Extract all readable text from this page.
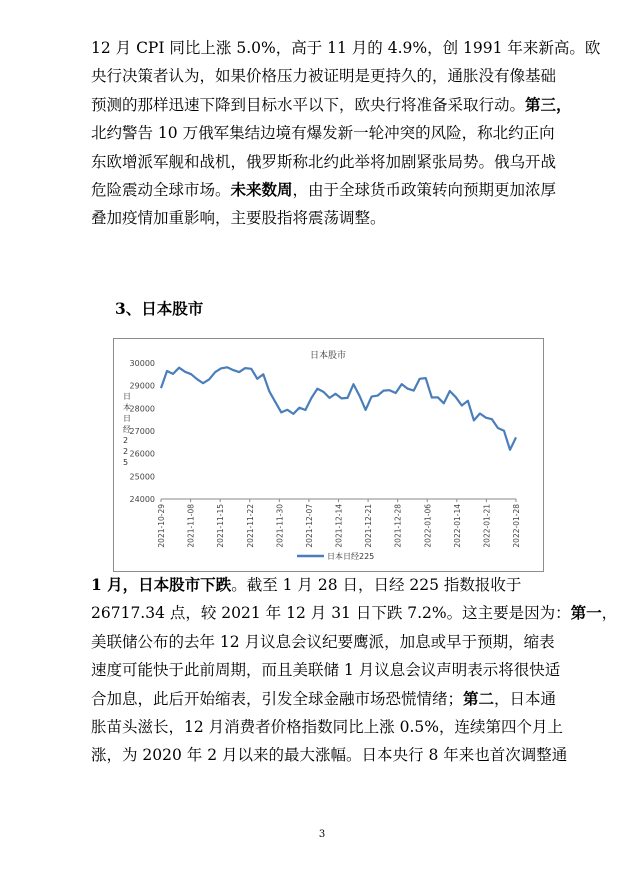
12 月 CPI 同比上涨 5.0%，高于 11 月的 4.9%，创 1991 年来新高。欧
央行决策者认为，如果价格压力被证明是更持久的，通胀没有像基础
预测的那样迅速下降到目标水平以下，欧央行将准备采取行动。第三，
北约警告 10 万俄军集结边境有爆发新一轮冲突的风险，称北约正向
东欧增派军舰和战机，俄罗斯称北约此举将加剧紧张局势。俄乌开战
危险震动全球市场。未来数周，由于全球货币政策转向预期更加浓厚
叠加疫情加重影响，主要股指将震荡调整。
3、日本股市
日本股市
24000
25000
26000
27000
28000
29000
30000
日本日经 2 2 5
2021-10-29	2021-11-08	2021-11-15	2021-11-22	2021-11-30	2021-12-07	2021-12-14	2021-12-21	2021-12-28	2022-01-06	2022-01-14	2022-01-21	2022-01-28
日本日经225
1 月，日本股市下跌。截至 1 月 28 日，日经 225 指数报收于
26717.34 点，较 2021 年 12 月 31 日下跌 7.2%。这主要是因为：第一，
美联储公布的去年 12 月议息会议纪要鹰派，加息或早于预期，缩表
速度可能快于此前周期，而且美联储 1 月议息会议声明表示将很快适
合加息，此后开始缩表，引发全球金融市场恐慌情绪；第二，日本通
胀苗头滋长，12 月消费者价格指数同比上涨 0.5%，连续第四个月上
涨，为 2020 年 2 月以来的最大涨幅。日本央行 8 年来也首次调整通
3
